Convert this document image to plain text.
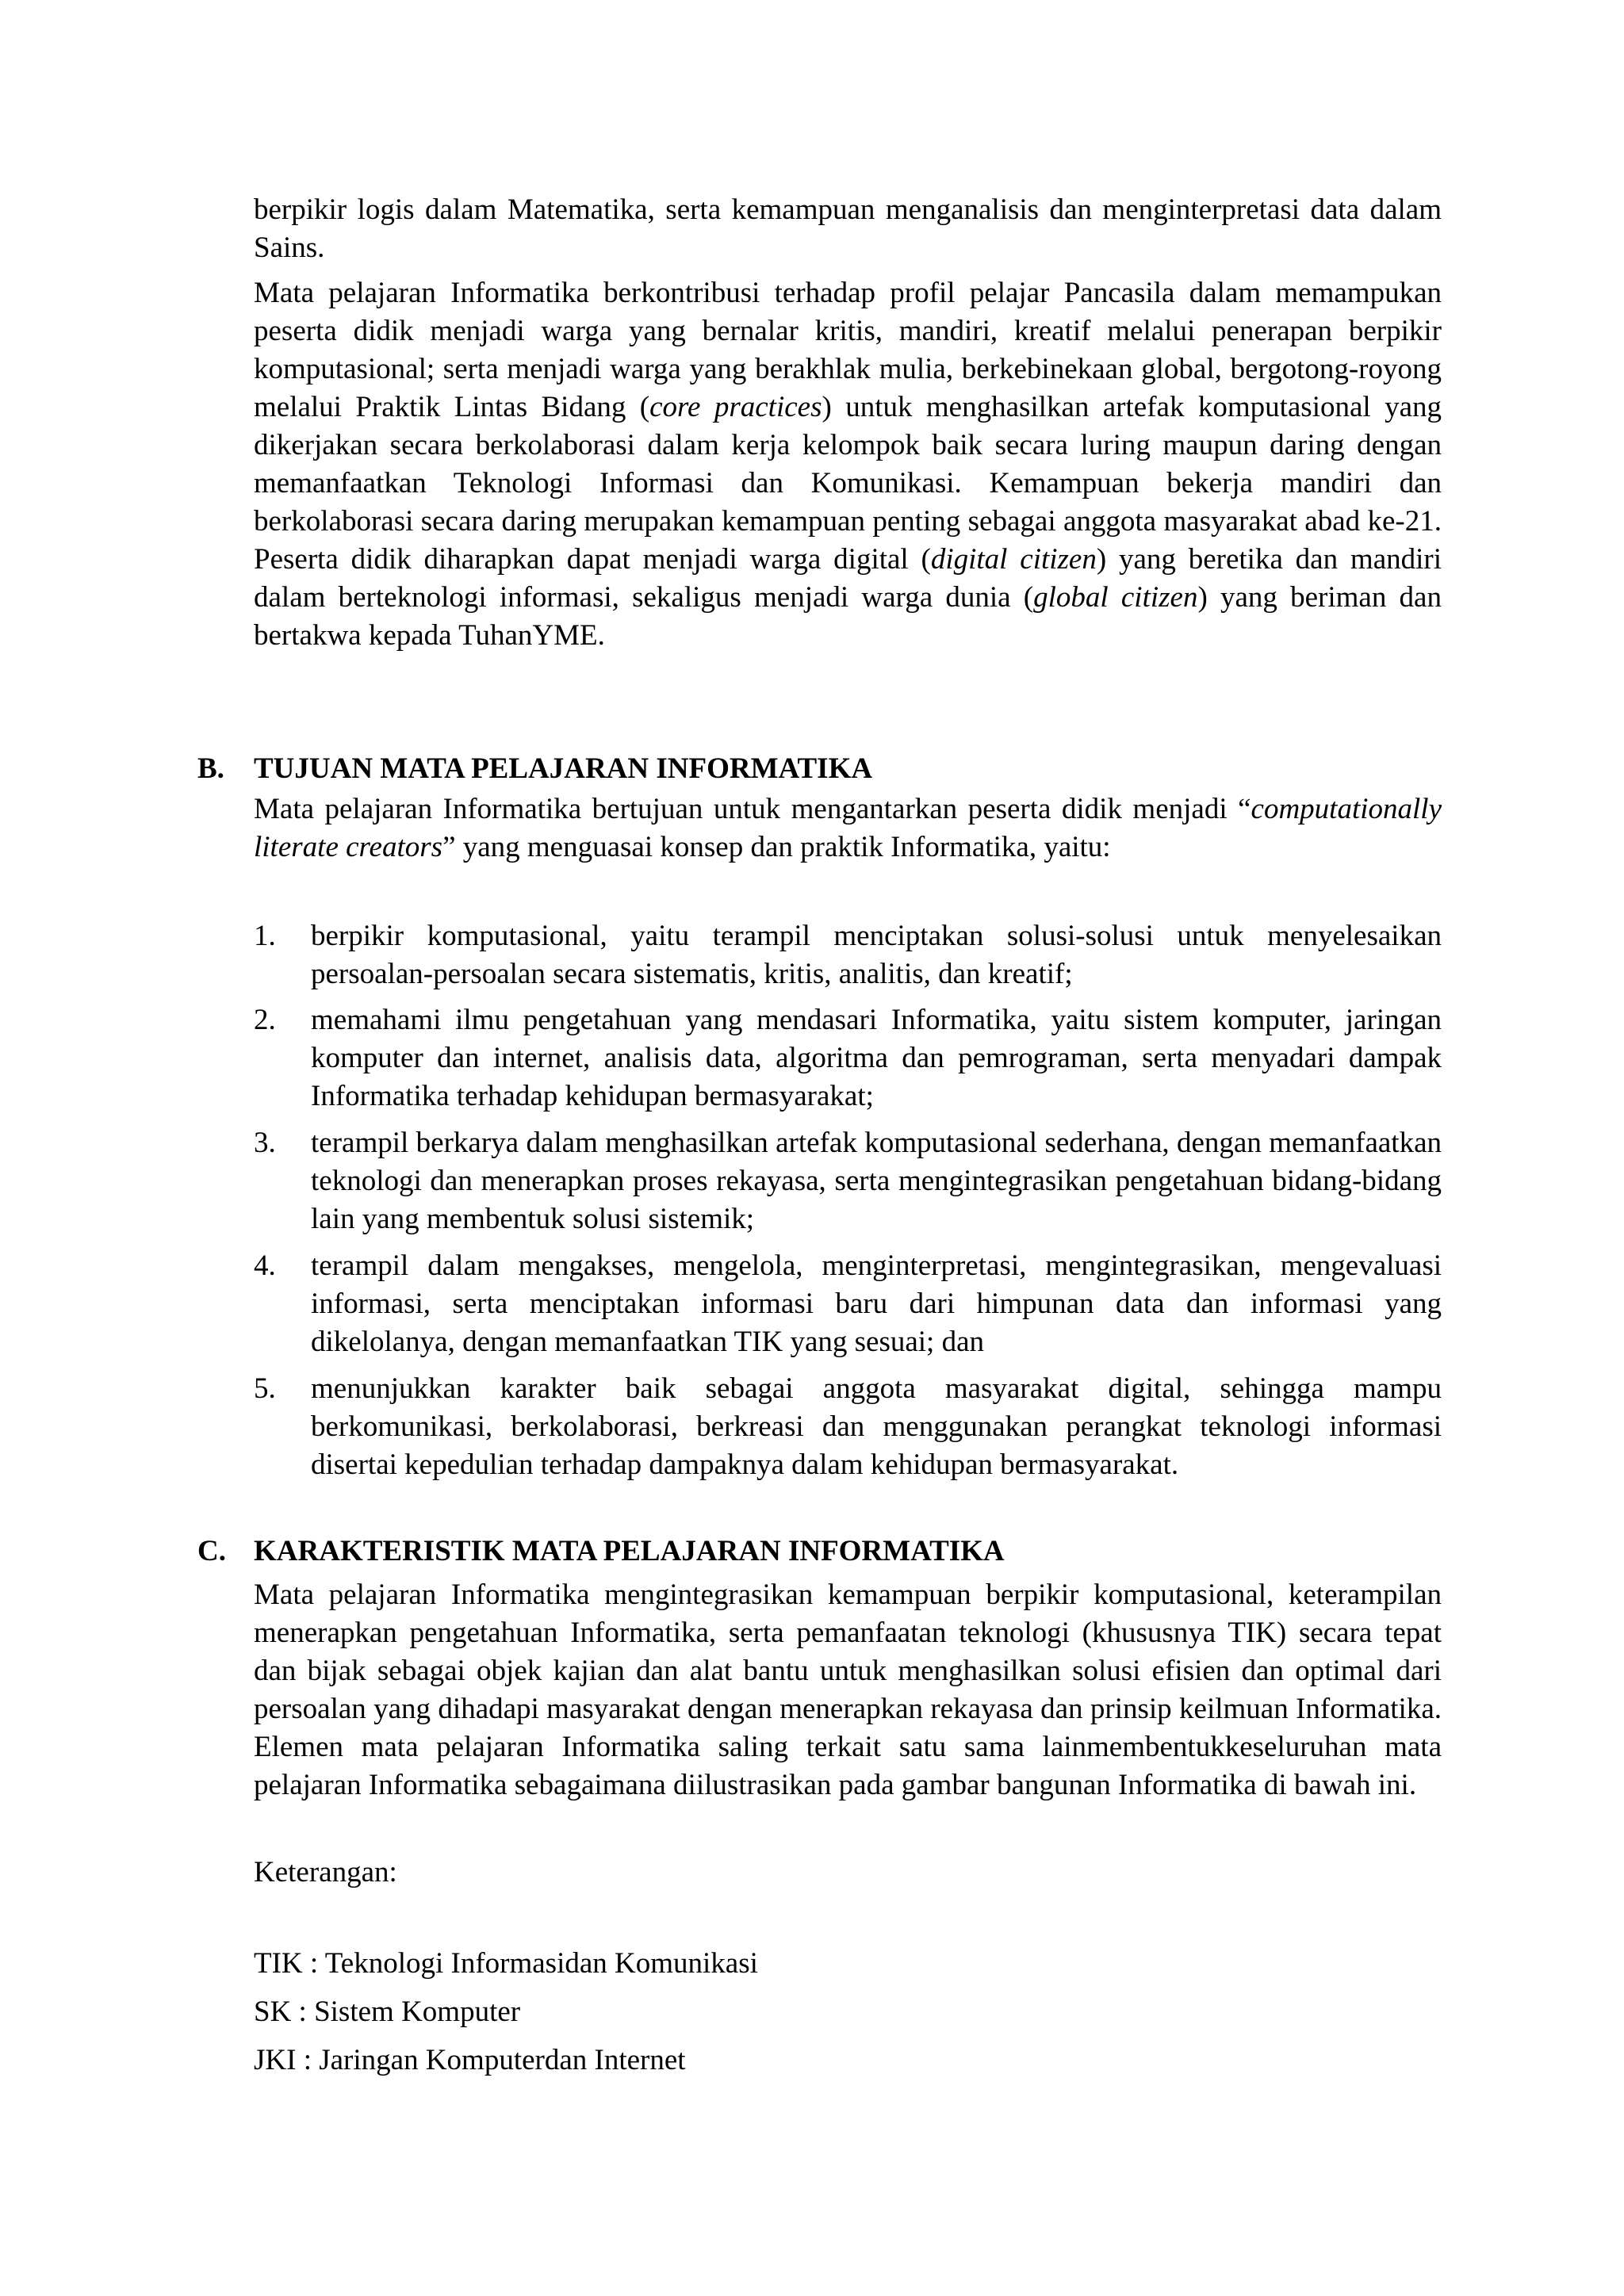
berpikir logis dalam Matematika, serta kemampuan menganalisis dan menginterpretasi data dalam Sains.

Mata pelajaran Informatika berkontribusi terhadap profil pelajar Pancasila dalam memampukan peserta didik menjadi warga yang bernalar kritis, mandiri, kreatif melalui penerapan berpikir komputasional; serta menjadi warga yang berakhlak mulia, berkebinekaan global, bergotong-royong melalui Praktik Lintas Bidang (core practices) untuk menghasilkan artefak komputasional yang dikerjakan secara berkolaborasi dalam kerja kelompok baik secara luring maupun daring dengan memanfaatkan Teknologi Informasi dan Komunikasi. Kemampuan bekerja mandiri dan berkolaborasi secara daring merupakan kemampuan penting sebagai anggota masyarakat abad ke-21. Peserta didik diharapkan dapat menjadi warga digital (digital citizen) yang beretika dan mandiri dalam berteknologi informasi, sekaligus menjadi warga dunia (global citizen) yang beriman dan bertakwa kepada TuhanYME.

B. TUJUAN MATA PELAJARAN INFORMATIKA

Mata pelajaran Informatika bertujuan untuk mengantarkan peserta didik menjadi “computationally literate creators” yang menguasai konsep dan praktik Informatika, yaitu:

1. berpikir komputasional, yaitu terampil menciptakan solusi-solusi untuk menyelesaikan persoalan-persoalan secara sistematis, kritis, analitis, dan kreatif;

2. memahami ilmu pengetahuan yang mendasari Informatika, yaitu sistem komputer, jaringan komputer dan internet, analisis data, algoritma dan pemrograman, serta menyadari dampak Informatika terhadap kehidupan bermasyarakat;

3. terampil berkarya dalam menghasilkan artefak komputasional sederhana, dengan memanfaatkan teknologi dan menerapkan proses rekayasa, serta mengintegrasikan pengetahuan bidang-bidang lain yang membentuk solusi sistemik;

4. terampil dalam mengakses, mengelola, menginterpretasi, mengintegrasikan, mengevaluasi informasi, serta menciptakan informasi baru dari himpunan data dan informasi yang dikelolanya, dengan memanfaatkan TIK yang sesuai; dan

5. menunjukkan karakter baik sebagai anggota masyarakat digital, sehingga mampu berkomunikasi, berkolaborasi, berkreasi dan menggunakan perangkat teknologi informasi disertai kepedulian terhadap dampaknya dalam kehidupan bermasyarakat.

C. KARAKTERISTIK MATA PELAJARAN INFORMATIKA

Mata pelajaran Informatika mengintegrasikan kemampuan berpikir komputasional, keterampilan menerapkan pengetahuan Informatika, serta pemanfaatan teknologi (khususnya TIK) secara tepat dan bijak sebagai objek kajian dan alat bantu untuk menghasilkan solusi efisien dan optimal dari persoalan yang dihadapi masyarakat dengan menerapkan rekayasa dan prinsip keilmuan Informatika. Elemen mata pelajaran Informatika saling terkait satu sama lainmembentukkeseluruhan mata pelajaran Informatika sebagaimana diilustrasikan pada gambar bangunan Informatika di bawah ini.

Keterangan:
TIK : Teknologi Informasidan Komunikasi
SK : Sistem Komputer
JKI : Jaringan Komputerdan Internet
